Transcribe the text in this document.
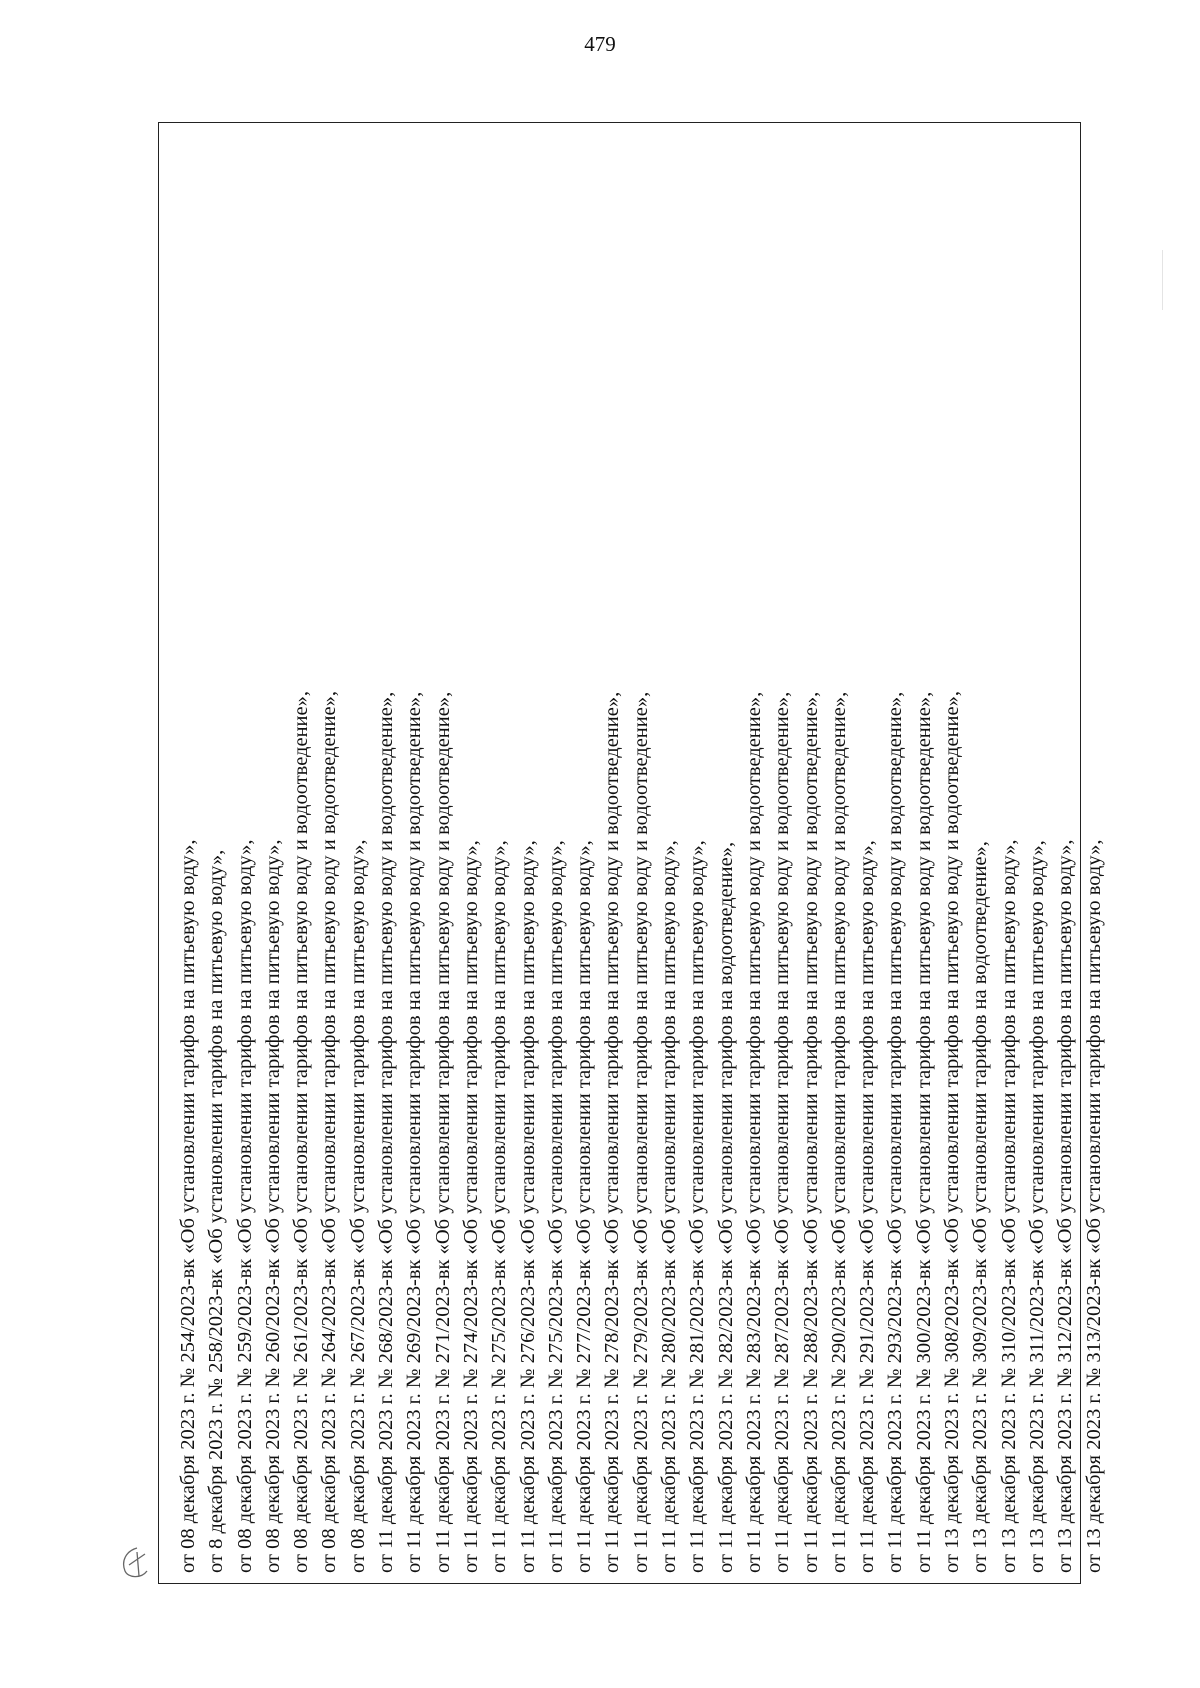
479
от 08 декабря 2023 г. № 254/2023-вк «Об установлении тарифов на питьевую воду», от 8 декабря 2023 г. № 258/2023-вк «Об установлении тарифов на питьевую воду», от 08 декабря 2023 г. № 259/2023-вк «Об установлении тарифов на питьевую воду», от 08 декабря 2023 г. № 260/2023-вк «Об установлении тарифов на питьевую воду», от 08 декабря 2023 г. № 261/2023-вк «Об установлении тарифов на питьевую воду и водоотведение», от 08 декабря 2023 г. № 264/2023-вк «Об установлении тарифов на питьевую воду и водоотведение», от 08 декабря 2023 г. № 267/2023-вк «Об установлении тарифов на питьевую воду», от 11 декабря 2023 г. № 268/2023-вк «Об установлении тарифов на питьевую воду и водоотведение», от 11 декабря 2023 г. № 269/2023-вк «Об установлении тарифов на питьевую воду и водоотведение», от 11 декабря 2023 г. № 271/2023-вк «Об установлении тарифов на питьевую воду и водоотведение», от 11 декабря 2023 г. № 274/2023-вк «Об установлении тарифов на питьевую воду», от 11 декабря 2023 г. № 275/2023-вк «Об установлении тарифов на питьевую воду», от 11 декабря 2023 г. № 276/2023-вк «Об установлении тарифов на питьевую воду», от 11 декабря 2023 г. № 275/2023-вк «Об установлении тарифов на питьевую воду», от 11 декабря 2023 г. № 277/2023-вк «Об установлении тарифов на питьевую воду», от 11 декабря 2023 г. № 278/2023-вк «Об установлении тарифов на питьевую воду и водоотведение», от 11 декабря 2023 г. № 279/2023-вк «Об установлении тарифов на питьевую воду и водоотведение», от 11 декабря 2023 г. № 280/2023-вк «Об установлении тарифов на питьевую воду», от 11 декабря 2023 г. № 281/2023-вк «Об установлении тарифов на питьевую воду», от 11 декабря 2023 г. № 282/2023-вк «Об установлении тарифов на водоотведение», от 11 декабря 2023 г. № 283/2023-вк «Об установлении тарифов на питьевую воду и водоотведение», от 11 декабря 2023 г. № 287/2023-вк «Об установлении тарифов на питьевую воду и водоотведение», от 11 декабря 2023 г. № 288/2023-вк «Об установлении тарифов на питьевую воду и водоотведение», от 11 декабря 2023 г. № 290/2023-вк «Об установлении тарифов на питьевую воду и водоотведение», от 11 декабря 2023 г. № 291/2023-вк «Об установлении тарифов на питьевую воду», от 11 декабря 2023 г. № 293/2023-вк «Об установлении тарифов на питьевую воду и водоотведение», от 11 декабря 2023 г. № 300/2023-вк «Об установлении тарифов на питьевую воду и водоотведение», от 13 декабря 2023 г. № 308/2023-вк «Об установлении тарифов на питьевую воду и водоотведение», от 13 декабря 2023 г. № 309/2023-вк «Об установлении тарифов на водоотведение», от 13 декабря 2023 г. № 310/2023-вк «Об установлении тарифов на питьевую воду», от 13 декабря 2023 г. № 311/2023-вк «Об установлении тарифов на питьевую воду», от 13 декабря 2023 г. № 312/2023-вк «Об установлении тарифов на питьевую воду», от 13 декабря 2023 г. № 313/2023-вк «Об установлении тарифов на питьевую воду»,
